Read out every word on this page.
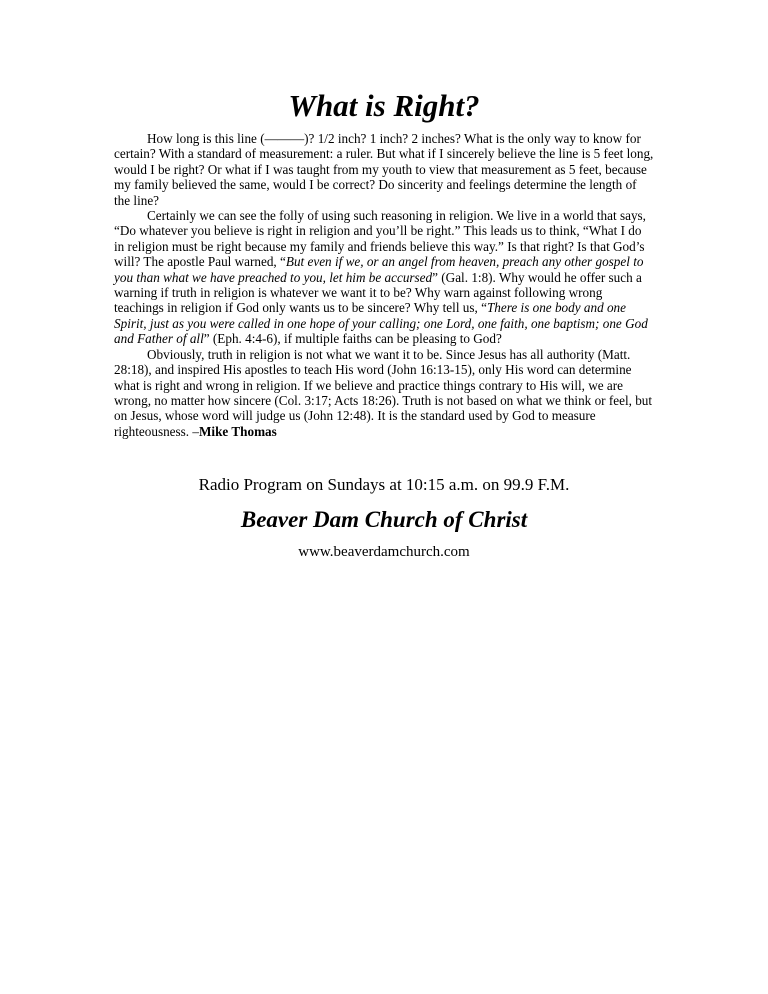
What is Right?

How long is this line (———)? 1/2 inch? 1 inch? 2 inches? What is the only way to know for certain? With a standard of measurement: a ruler. But what if I sincerely believe the line is 5 feet long, would I be right? Or what if I was taught from my youth to view that measurement as 5 feet, because my family believed the same, would I be correct? Do sincerity and feelings determine the length of the line?

Certainly we can see the folly of using such reasoning in religion. We live in a world that says, “Do whatever you believe is right in religion and you’ll be right.” This leads us to think, “What I do in religion must be right because my family and friends believe this way.” Is that right? Is that God’s will? The apostle Paul warned, “But even if we, or an angel from heaven, preach any other gospel to you than what we have preached to you, let him be accursed” (Gal. 1:8). Why would he offer such a warning if truth in religion is whatever we want it to be? Why warn against following wrong teachings in religion if God only wants us to be sincere? Why tell us, “There is one body and one Spirit, just as you were called in one hope of your calling; one Lord, one faith, one baptism; one God and Father of all” (Eph. 4:4-6), if multiple faiths can be pleasing to God?

Obviously, truth in religion is not what we want it to be. Since Jesus has all authority (Matt. 28:18), and inspired His apostles to teach His word (John 16:13-15), only His word can determine what is right and wrong in religion. If we believe and practice things contrary to His will, we are wrong, no matter how sincere (Col. 3:17; Acts 18:26). Truth is not based on what we think or feel, but on Jesus, whose word will judge us (John 12:48). It is the standard used by God to measure righteousness. –Mike Thomas

Radio Program on Sundays at 10:15 a.m. on 99.9 F.M.
Beaver Dam Church of Christ
www.beaverdamchurch.com
